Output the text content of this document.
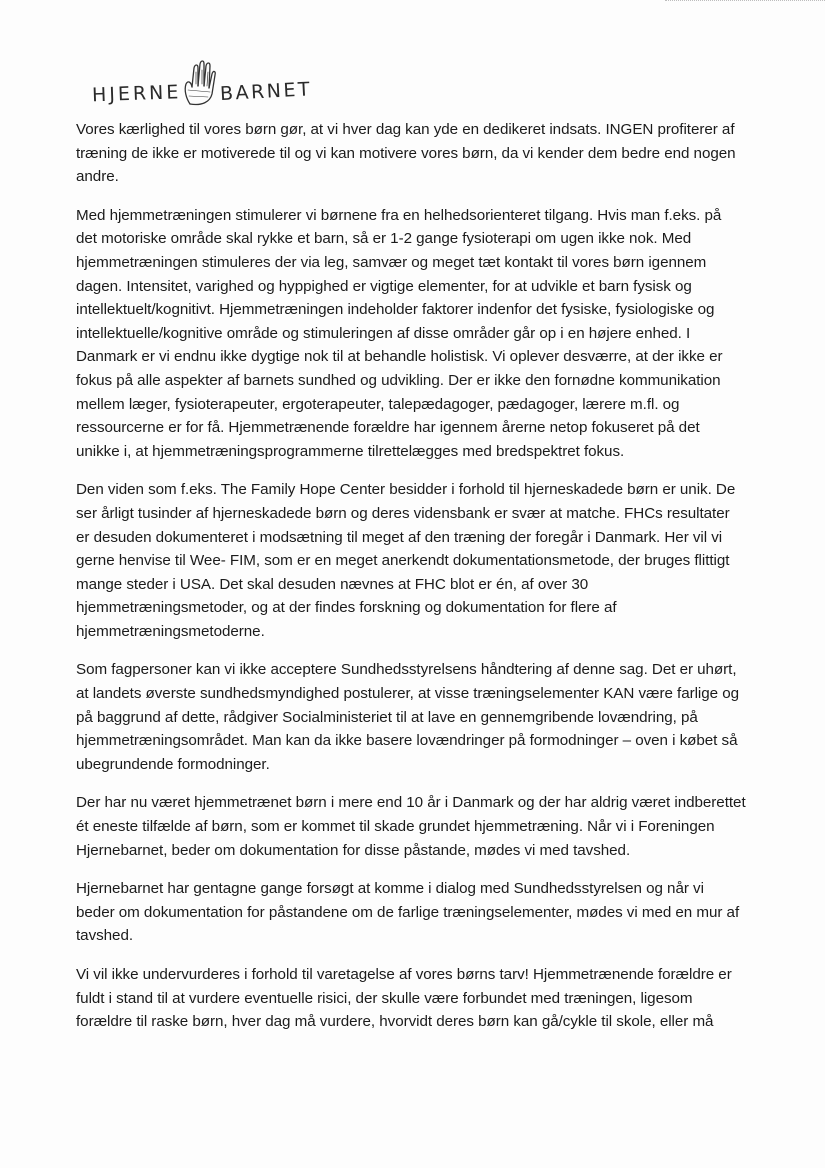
HJERNE BARNET

Vores kærlighed til vores børn gør, at vi hver dag kan yde en dedikeret indsats. INGEN profiterer af træning de ikke er motiverede til og vi kan motivere vores børn, da vi kender dem bedre end nogen andre.

Med hjemmetræningen stimulerer vi børnene fra en helhedsorienteret tilgang. Hvis man f.eks. på det motoriske område skal rykke et barn, så er 1-2 gange fysioterapi om ugen ikke nok. Med hjemmetræningen stimuleres der via leg, samvær og meget tæt kontakt til vores børn igennem dagen. Intensitet, varighed og hyppighed er vigtige elementer, for at udvikle et barn fysisk og intellektuelt/kognitivt. Hjemmetræningen indeholder faktorer indenfor det fysiske, fysiologiske og intellektuelle/kognitive område og stimuleringen af disse områder går op i en højere enhed. I Danmark er vi endnu ikke dygtige nok til at behandle holistisk. Vi oplever desværre, at der ikke er fokus på alle aspekter af barnets sundhed og udvikling. Der er ikke den fornødne kommunikation mellem læger, fysioterapeuter, ergoterapeuter, talepædagoger, pædagoger, lærere m.fl. og ressourcerne er for få. Hjemmetrænende forældre har igennem årerne netop fokuseret på det unikke i, at hjemmetræningsprogrammerne tilrettelægges med bredspektret fokus.

Den viden som f.eks. The Family Hope Center besidder i forhold til hjerneskadede børn er unik. De ser årligt tusinder af hjerneskadede børn og deres vidensbank er svær at matche. FHCs resultater er desuden dokumenteret i modsætning til meget af den træning der foregår i Danmark. Her vil vi gerne henvise til Wee- FIM, som er en meget anerkendt dokumentationsmetode, der bruges flittigt mange steder i USA. Det skal desuden nævnes at FHC blot er én, af over 30 hjemmetræningsmetoder, og at der findes forskning og dokumentation for flere af hjemmetræningsmetoderne.

Som fagpersoner kan vi ikke acceptere Sundhedsstyrelsens håndtering af denne sag. Det er uhørt, at landets øverste sundhedsmyndighed postulerer, at visse træningselementer KAN være farlige og på baggrund af dette, rådgiver Socialministeriet til at lave en gennemgribende lovændring, på hjemmetræningsområdet. Man kan da ikke basere lovændringer på formodninger – oven i købet så ubegrundende formodninger.

Der har nu været hjemmetrænet børn i mere end 10 år i Danmark og der har aldrig været indberettet ét eneste tilfælde af børn, som er kommet til skade grundet hjemmetræning. Når vi i Foreningen Hjernebarnet, beder om dokumentation for disse påstande, mødes vi med tavshed.

Hjernebarnet har gentagne gange forsøgt at komme i dialog med Sundhedsstyrelsen og når vi beder om dokumentation for påstandene om de farlige træningselementer, mødes vi med en mur af tavshed.

Vi vil ikke undervurderes i forhold til varetagelse af vores børns tarv! Hjemmetrænende forældre er fuldt i stand til at vurdere eventuelle risici, der skulle være forbundet med træningen, ligesom forældre til raske børn, hver dag må vurdere, hvorvidt deres børn kan gå/cykle til skole, eller må
